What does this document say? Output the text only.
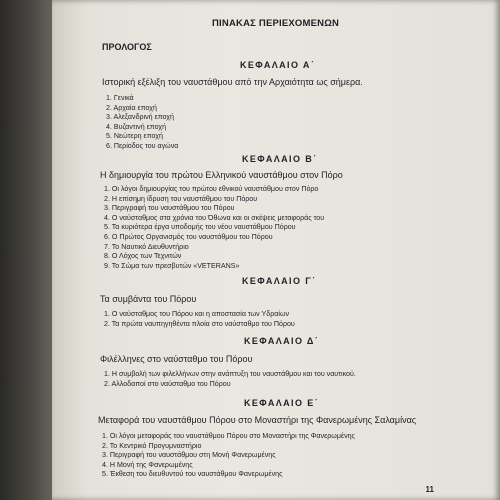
ΠΙΝΑΚΑΣ ΠΕΡΙΕΧΟΜΕΝΩΝ
ΠΡΟΛΟΓΟΣ
ΚΕΦΑΛΑΙΟ Α΄
Ιστορική εξέλιξη του ναυστάθμου από την Αρχαιότητα ως σήμερα.
1. Γενικά
2. Αρχαία εποχή
3. Αλεξανδρινή εποχή
4. Βυζαντινή εποχή
5. Νεώτερη εποχή
6. Περίοδος του αγώνα
ΚΕΦΑΛΑΙΟ Β΄
Η δημιουργία του πρώτου Ελληνικού ναυστάθμου στον Πόρο
1. Οι λόγοι δημιουργίας του πρώτου εθνικού ναυστάθμου στον Πόρο
2. Η επίσημη ίδρυση του ναυστάθμου του Πόρου
3. Περιγραφή του ναυστάθμου του Πόρου
4. Ο ναύσταθμος στα χρόνια του Όθωνα και οι σκέψεις μεταφοράς του
5. Τα κυριότερα έργα υποδομής του νέου ναυστάθμου Πόρου
6. Ο Πρώτος Οργανισμός του ναυστάθμου του Πόρου
7. Το Ναυτικό Διευθυντήριο
8. Ο Λόχος των Τεχνιτών
9. Το Σώμα των πρεσβυτών «VETERANS»
ΚΕΦΑΛΑΙΟ Γ΄
Τα συμβάντα του Πόρου
1. Ο ναύσταθμος του Πόρου και η αποστασία των Υδραίων
2. Τα πρώτα ναυπηγηθέντα πλοία στο ναύσταθμο του Πόρου
ΚΕΦΑΛΑΙΟ Δ΄
Φιλέλληνες στο ναύσταθμο του Πόρου
1. Η συμβολή των φιλελλήνων στην ανάπτυξη του ναυστάθμου και του ναυτικού.
2. Αλλοδαποί στο ναύσταθμο του Πόρου
ΚΕΦΑΛΑΙΟ Ε΄
Μεταφορά του ναυστάθμου Πόρου στο Μοναστήρι της Φανερωμένης Σαλαμίνας
1. Οι λόγοι μεταφοράς του ναυστάθμου Πόρου στο Μοναστήρι της Φανερωμένης
2. Το Κεντρικό Προγυμναστήριο
3. Περιγραφή του ναυστάθμου στη Μονή Φανερωμένης
4. Η Μονή της Φανερωμένης
5. Έκθεση του διευθυντού του ναυστάθμου Φανερωμένης
11
